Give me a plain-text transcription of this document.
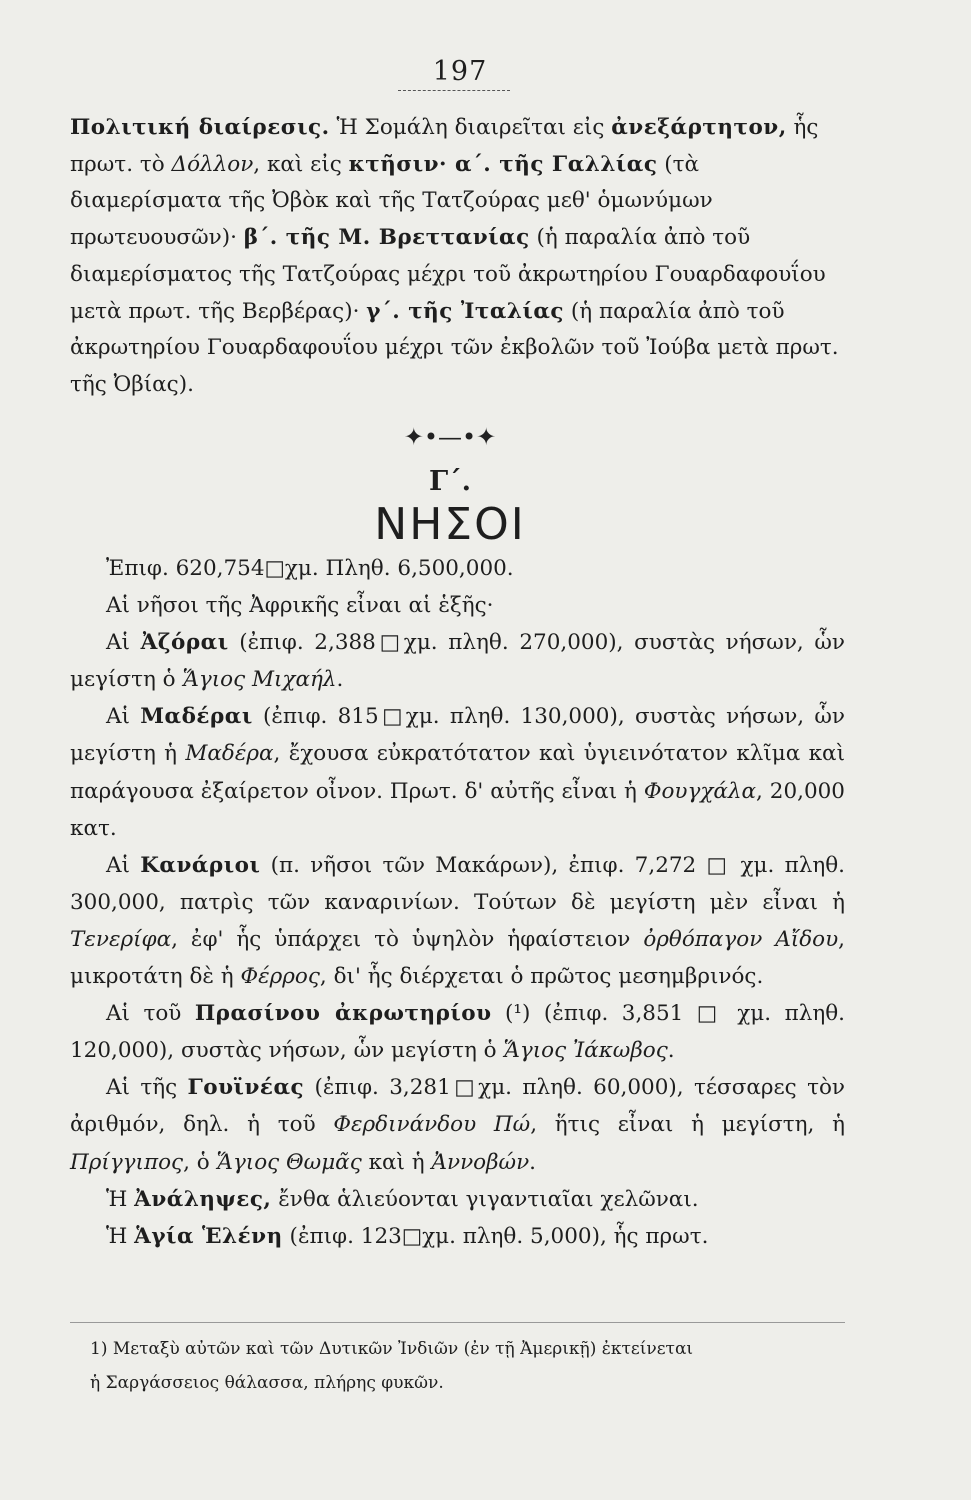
197

Πολιτική διαίρεσις. Ἡ Σομάλη διαιρεῖται εἰς ἀνεξάρτητον, ἧς πρωτ. τὸ Δόλλον, καὶ εἰς κτῆσιν· α΄. τῆς Γαλλίας (τὰ διαμερίσματα τῆς Ὀβὸκ καὶ τῆς Τατζούρας μεθ' ὁμωνύμων πρωτευουσῶν)· β΄. τῆς Μ. Βρεττανίας (ἡ παραλία ἀπὸ τοῦ διαμερίσματος τῆς Τατζούρας μέχρι τοῦ ἀκρωτηρίου Γουαρδαφουΐου μετὰ πρωτ. τῆς Βερβέρας)· γ΄. τῆς Ἰταλίας (ἡ παραλία ἀπὸ τοῦ ἀκρωτηρίου Γουαρδαφουΐου μέχρι τῶν ἐκβολῶν τοῦ Ἰούβα μετὰ πρωτ. τῆς Ὀβίας).

✦•—•✦
Γ΄.
ΝΗΣΟΙ

Ἐπιφ. 620,754□χμ. Πληθ. 6,500,000.

Αἱ νῆσοι τῆς Ἀφρικῆς εἶναι αἱ ἑξῆς·

Αἱ Ἀζόραι (ἐπιφ. 2,388□χμ. πληθ. 270,000), συστὰς νήσων, ὧν μεγίστη ὁ Ἅγιος Μιχαήλ.

Αἱ Μαδέραι (ἐπιφ. 815□χμ. πληθ. 130,000), συστὰς νήσων, ὧν μεγίστη ἡ Μαδέρα, ἔχουσα εὐκρατότατον καὶ ὑγιεινότατον κλῖμα καὶ παράγουσα ἐξαίρετον οἶνον. Πρωτ. δ' αὐτῆς εἶναι ἡ Φουγχάλα, 20,000 κατ.

Αἱ Κανάριοι (π. νῆσοι τῶν Μακάρων), ἐπιφ. 7,272 □ χμ. πληθ. 300,000, πατρὶς τῶν καναρινίων. Τούτων δὲ μεγίστη μὲν εἶναι ἡ Τενερίφα, ἐφ' ἧς ὑπάρχει τὸ ὑψηλὸν ἡφαίστειον ὀρθόπαγον Αἴδου, μικροτάτη δὲ ἡ Φέρρος, δι' ἧς διέρχεται ὁ πρῶτος μεσημβρινός.

Αἱ τοῦ Πρασίνου ἀκρωτηρίου (¹) (ἐπιφ. 3,851 □ χμ. πληθ. 120,000), συστὰς νήσων, ὧν μεγίστη ὁ Ἅγιος Ἰάκωβος.

Αἱ τῆς Γουϊνέας (ἐπιφ. 3,281□χμ. πληθ. 60,000), τέσσαρες τὸν ἀριθμόν, δηλ. ἡ τοῦ Φερδινάνδου Πώ, ἥτις εἶναι ἡ μεγίστη, ἡ Πρίγγιπος, ὁ Ἅγιος Θωμᾶς καὶ ἡ Ἀννοβών.

Ἡ Ἀνάληψες, ἔνθα ἁλιεύονται γιγαντιαῖαι χελῶναι.

Ἡ Ἁγία Ἑλένη (ἐπιφ. 123□χμ. πληθ. 5,000), ἧς πρωτ.

1) Μεταξὺ αὐτῶν καὶ τῶν Δυτικῶν Ἰνδιῶν (ἐν τῇ Ἀμερικῇ) ἐκτείνεται

ἡ Σαργάσσειος θάλασσα, πλήρης φυκῶν.
